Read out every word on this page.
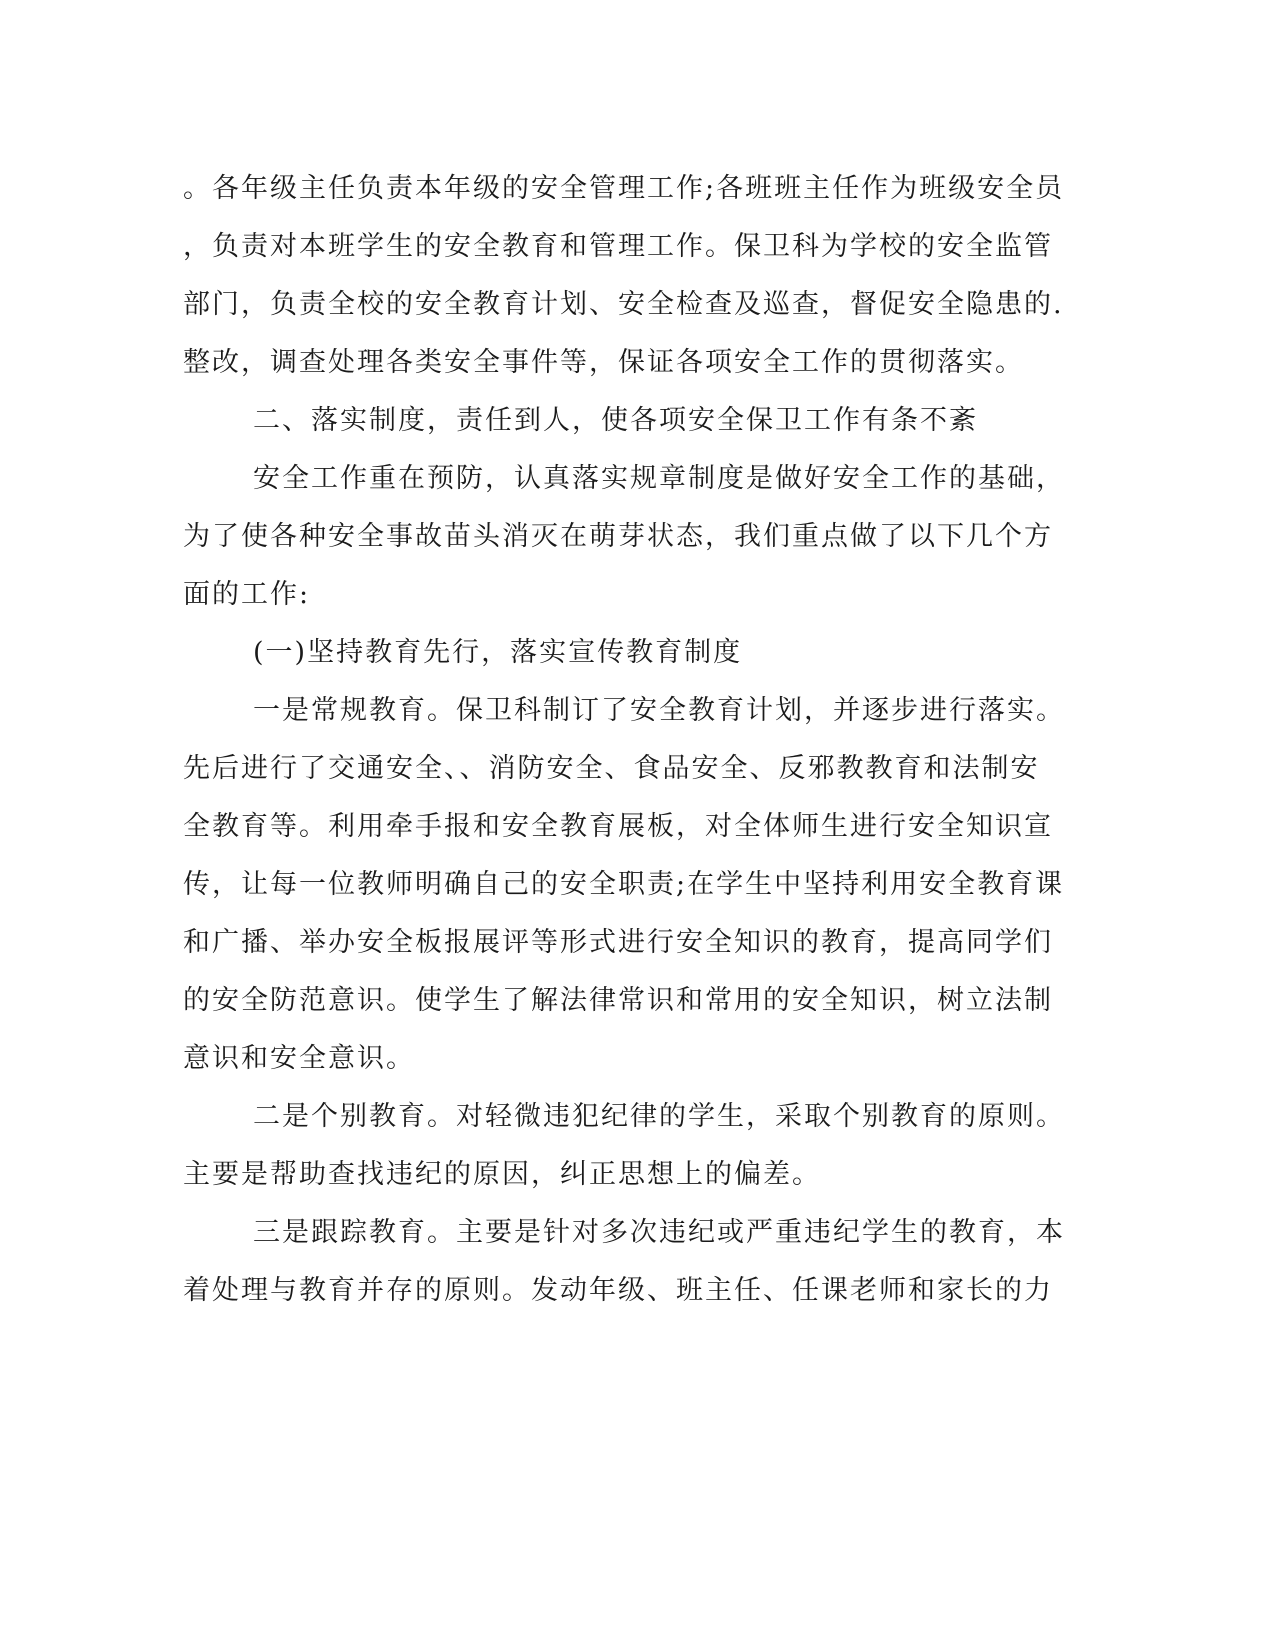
。各年级主任负责本年级的安全管理工作;各班班主任作为班级安全员
，负责对本班学生的安全教育和管理工作。保卫科为学校的安全监管
部门，负责全校的安全教育计划、安全检查及巡查，督促安全隐患的.
整改，调查处理各类安全事件等，保证各项安全工作的贯彻落实。
二、落实制度，责任到人，使各项安全保卫工作有条不紊
安全工作重在预防，认真落实规章制度是做好安全工作的基础，
为了使各种安全事故苗头消灭在萌芽状态，我们重点做了以下几个方
面的工作:
(一)坚持教育先行，落实宣传教育制度
一是常规教育。保卫科制订了安全教育计划，并逐步进行落实。
先后进行了交通安全、、消防安全、食品安全、反邪教教育和法制安
全教育等。利用牵手报和安全教育展板，对全体师生进行安全知识宣
传，让每一位教师明确自己的安全职责;在学生中坚持利用安全教育课
和广播、举办安全板报展评等形式进行安全知识的教育，提高同学们
的安全防范意识。使学生了解法律常识和常用的安全知识，树立法制
意识和安全意识。
二是个别教育。对轻微违犯纪律的学生，采取个别教育的原则。
主要是帮助查找违纪的原因，纠正思想上的偏差。
三是跟踪教育。主要是针对多次违纪或严重违纪学生的教育，本
着处理与教育并存的原则。发动年级、班主任、任课老师和家长的力
